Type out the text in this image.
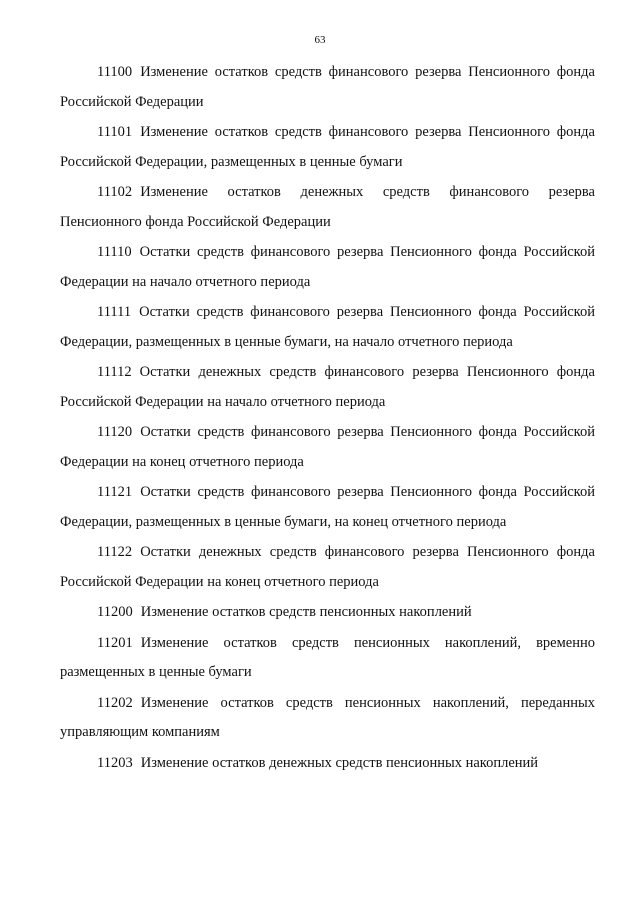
63

11100 Изменение остатков средств финансового резерва Пенсионного фонда Российской Федерации

11101 Изменение остатков средств финансового резерва Пенсионного фонда Российской Федерации, размещенных в ценные бумаги

11102 Изменение остатков денежных средств финансового резерва Пенсионного фонда Российской Федерации

11110 Остатки средств финансового резерва Пенсионного фонда Российской Федерации на начало отчетного периода

11111 Остатки средств финансового резерва Пенсионного фонда Российской Федерации, размещенных в ценные бумаги, на начало отчетного периода

11112 Остатки денежных средств финансового резерва Пенсионного фонда Российской Федерации на начало отчетного периода

11120 Остатки средств финансового резерва Пенсионного фонда Российской Федерации на конец отчетного периода

11121 Остатки средств финансового резерва Пенсионного фонда Российской Федерации, размещенных в ценные бумаги, на конец отчетного периода

11122 Остатки денежных средств финансового резерва Пенсионного фонда Российской Федерации на конец отчетного периода

11200 Изменение остатков средств пенсионных накоплений

11201 Изменение остатков средств пенсионных накоплений, временно размещенных в ценные бумаги

11202 Изменение остатков средств пенсионных накоплений, переданных управляющим компаниям

11203 Изменение остатков денежных средств пенсионных накоплений
